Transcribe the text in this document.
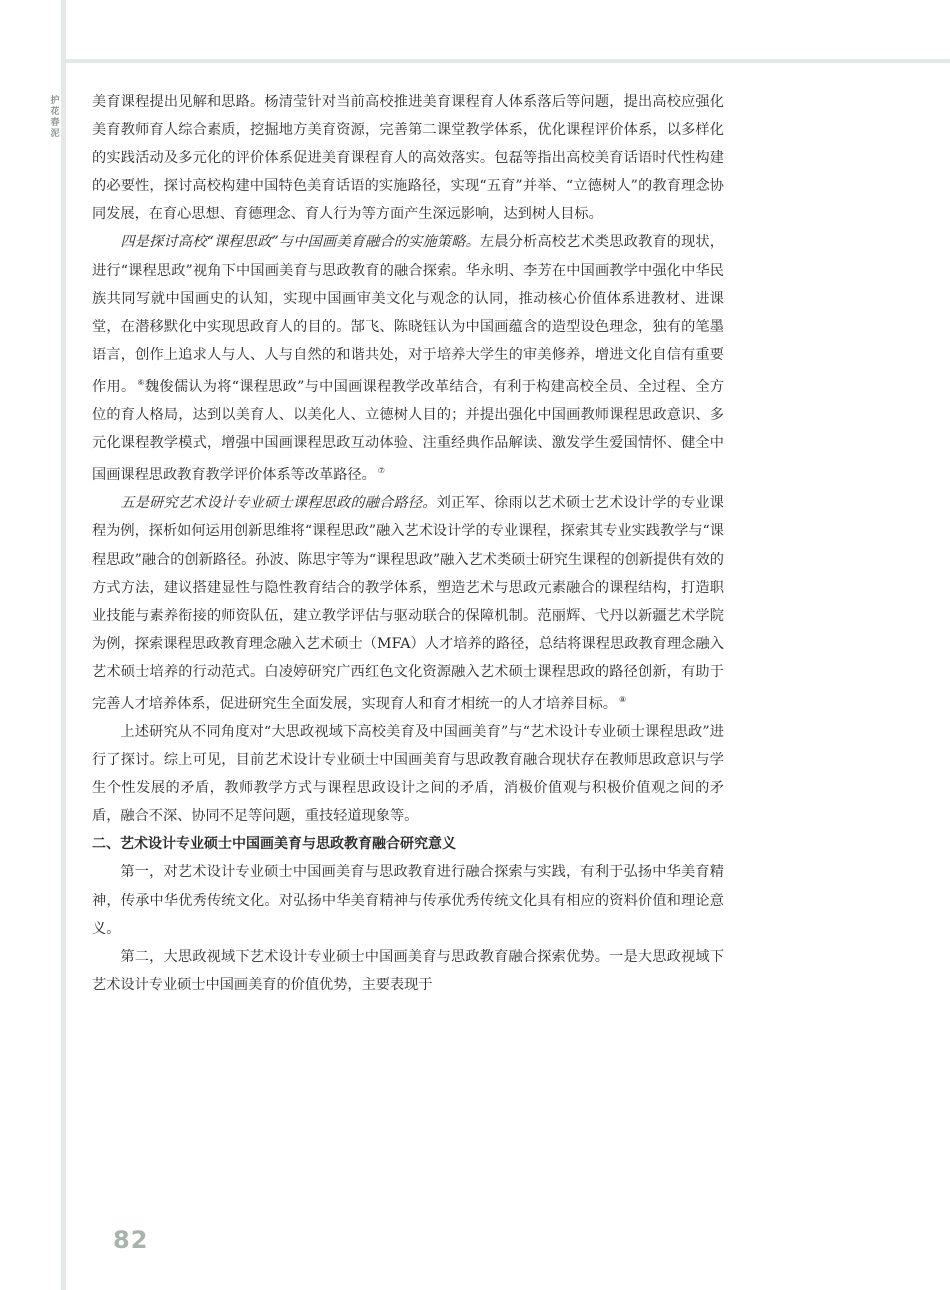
护
花
春
泥

美育课程提出见解和思路。杨清莹针对当前高校推进美育课程育人体系落后等问题，提出高校应强化美育教师育人综合素质，挖掘地方美育资源，完善第二课堂教学体系，优化课程评价体系，以多样化的实践活动及多元化的评价体系促进美育课程育人的高效落实。包磊等指出高校美育话语时代性构建的必要性，探讨高校构建中国特色美育话语的实施路径，实现“五育”并举、“立德树人”的教育理念协同发展，在育心思想、育德理念、育人行为等方面产生深远影响，达到树人目标。

四是探讨高校“课程思政”与中国画美育融合的实施策略。左晨分析高校艺术类思政教育的现状，进行“课程思政”视角下中国画美育与思政教育的融合探索。华永明、李芳在中国画教学中强化中华民族共同写就中国画史的认知，实现中国画审美文化与观念的认同，推动核心价值体系进教材、进课堂，在潜移默化中实现思政育人的目的。郜飞、陈晓钰认为中国画蕴含的造型设色理念，独有的笔墨语言，创作上追求人与人、人与自然的和谐共处，对于培养大学生的审美修养，增进文化自信有重要作用。 ⑥魏俊儒认为将“课程思政”与中国画课程教学改革结合，有利于构建高校全员、全过程、全方位的育人格局，达到以美育人、以美化人、立德树人目的；并提出强化中国画教师课程思政意识、多元化课程教学模式，增强中国画课程思政互动体验、注重经典作品解读、激发学生爱国情怀、健全中国画课程思政教育教学评价体系等改革路径。 ⑦

五是研究艺术设计专业硕士课程思政的融合路径。刘正军、徐雨以艺术硕士艺术设计学的专业课程为例，探析如何运用创新思维将“课程思政”融入艺术设计学的专业课程，探索其专业实践教学与“课程思政”融合的创新路径。孙波、陈思宇等为“课程思政”融入艺术类硕士研究生课程的创新提供有效的方式方法，建议搭建显性与隐性教育结合的教学体系，塑造艺术与思政元素融合的课程结构，打造职业技能与素养衔接的师资队伍，建立教学评估与驱动联合的保障机制。范丽辉、弋丹以新疆艺术学院为例，探索课程思政教育理念融入艺术硕士（MFA）人才培养的路径，总结将课程思政教育理念融入艺术硕士培养的行动范式。白凌婷研究广西红色文化资源融入艺术硕士课程思政的路径创新，有助于完善人才培养体系，促进研究生全面发展，实现育人和育才相统一的人才培养目标。 ⑧

上述研究从不同角度对“大思政视域下高校美育及中国画美育”与“艺术设计专业硕士课程思政”进行了探讨。综上可见，目前艺术设计专业硕士中国画美育与思政教育融合现状存在教师思政意识与学生个性发展的矛盾，教师教学方式与课程思政设计之间的矛盾，消极价值观与积极价值观之间的矛盾，融合不深、协同不足等问题，重技轻道现象等。

二、艺术设计专业硕士中国画美育与思政教育融合研究意义

第一，对艺术设计专业硕士中国画美育与思政教育进行融合探索与实践，有利于弘扬中华美育精神，传承中华优秀传统文化。对弘扬中华美育精神与传承优秀传统文化具有相应的资料价值和理论意义。

第二，大思政视域下艺术设计专业硕士中国画美育与思政教育融合探索优势。一是大思政视域下艺术设计专业硕士中国画美育的价值优势，主要表现于

82
